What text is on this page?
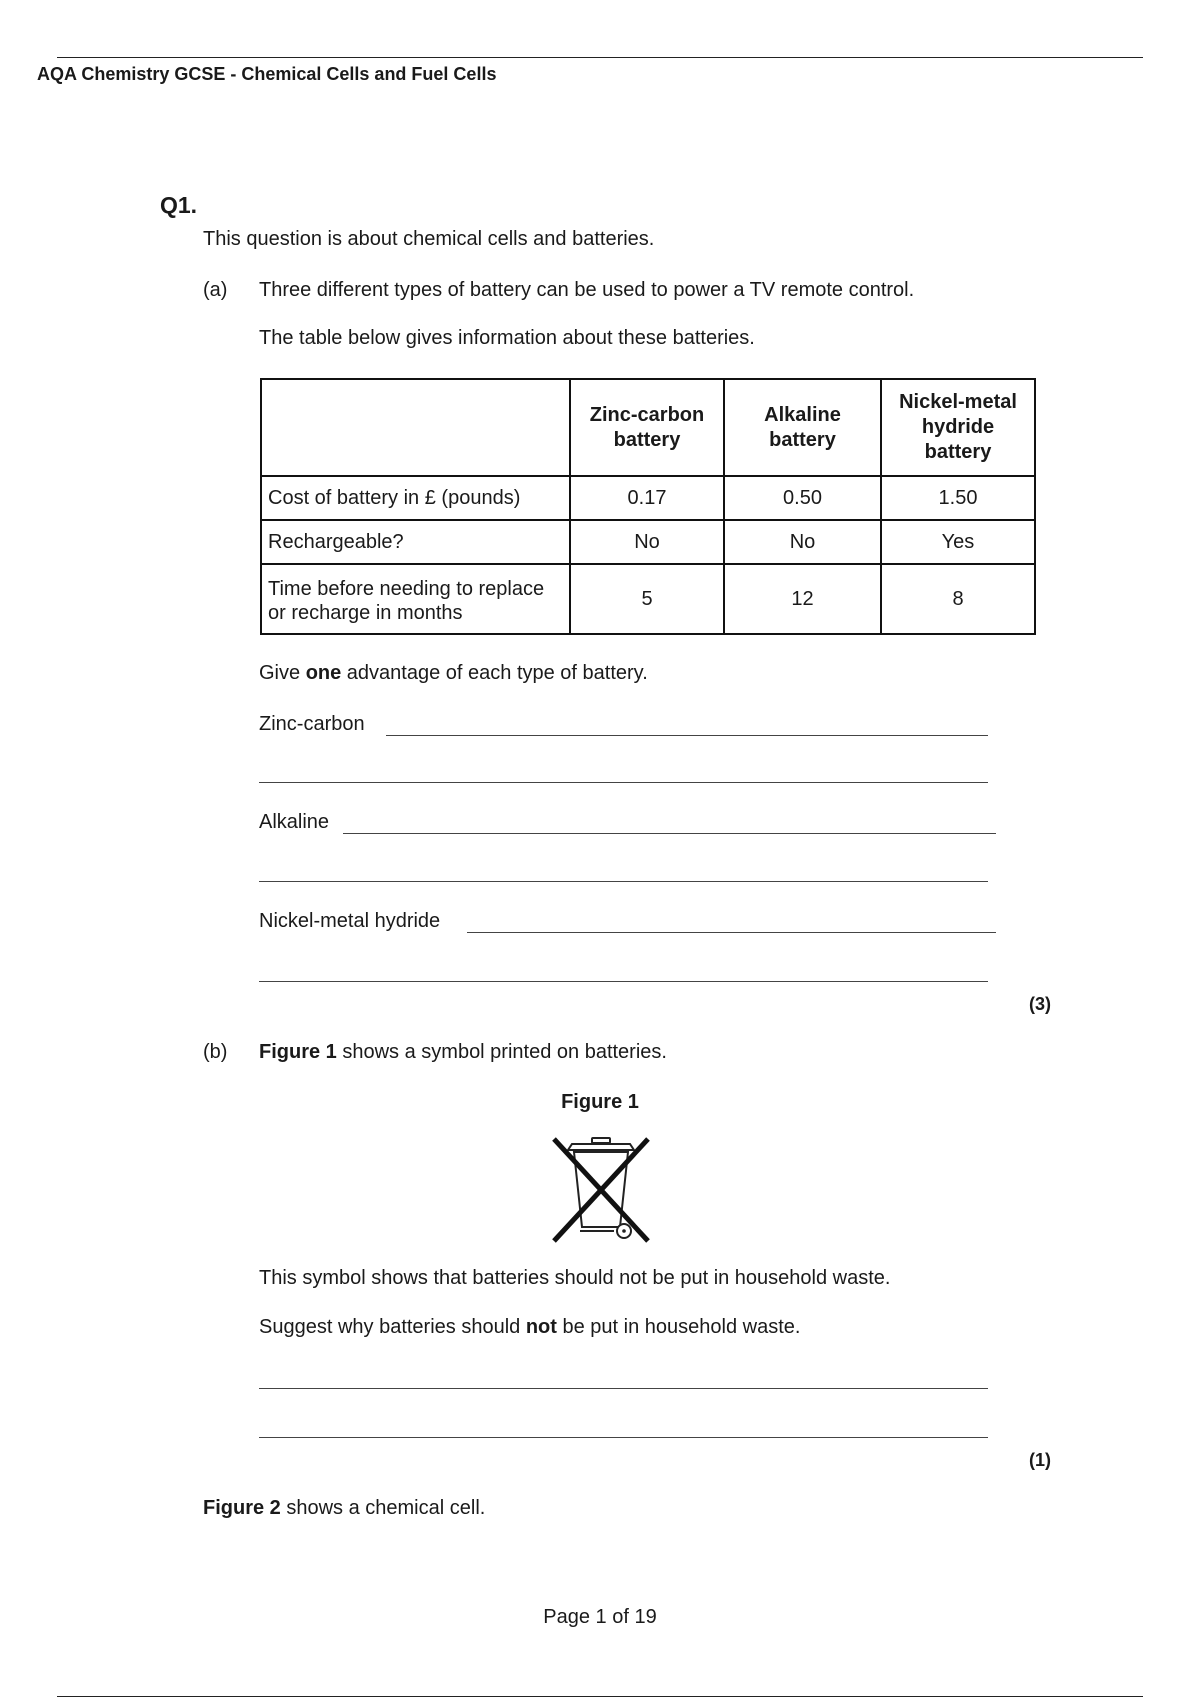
AQA Chemistry GCSE - Chemical Cells and Fuel Cells
Q1.
This question is about chemical cells and batteries.
(a) Three different types of battery can be used to power a TV remote control.
The table below gives information about these batteries.
	Zinc-carbon battery	Alkaline battery	Nickel-metal hydride battery
Cost of battery in £ (pounds)	0.17	0.50	1.50
Rechargeable?	No	No	Yes
Time before needing to replace or recharge in months	5	12	8
Give one advantage of each type of battery.
Zinc-carbon
Alkaline
Nickel-metal hydride
(3)
(b) Figure 1 shows a symbol printed on batteries.
Figure 1
This symbol shows that batteries should not be put in household waste.
Suggest why batteries should not be put in household waste.
(1)
Figure 2 shows a chemical cell.
Page 1 of 19
